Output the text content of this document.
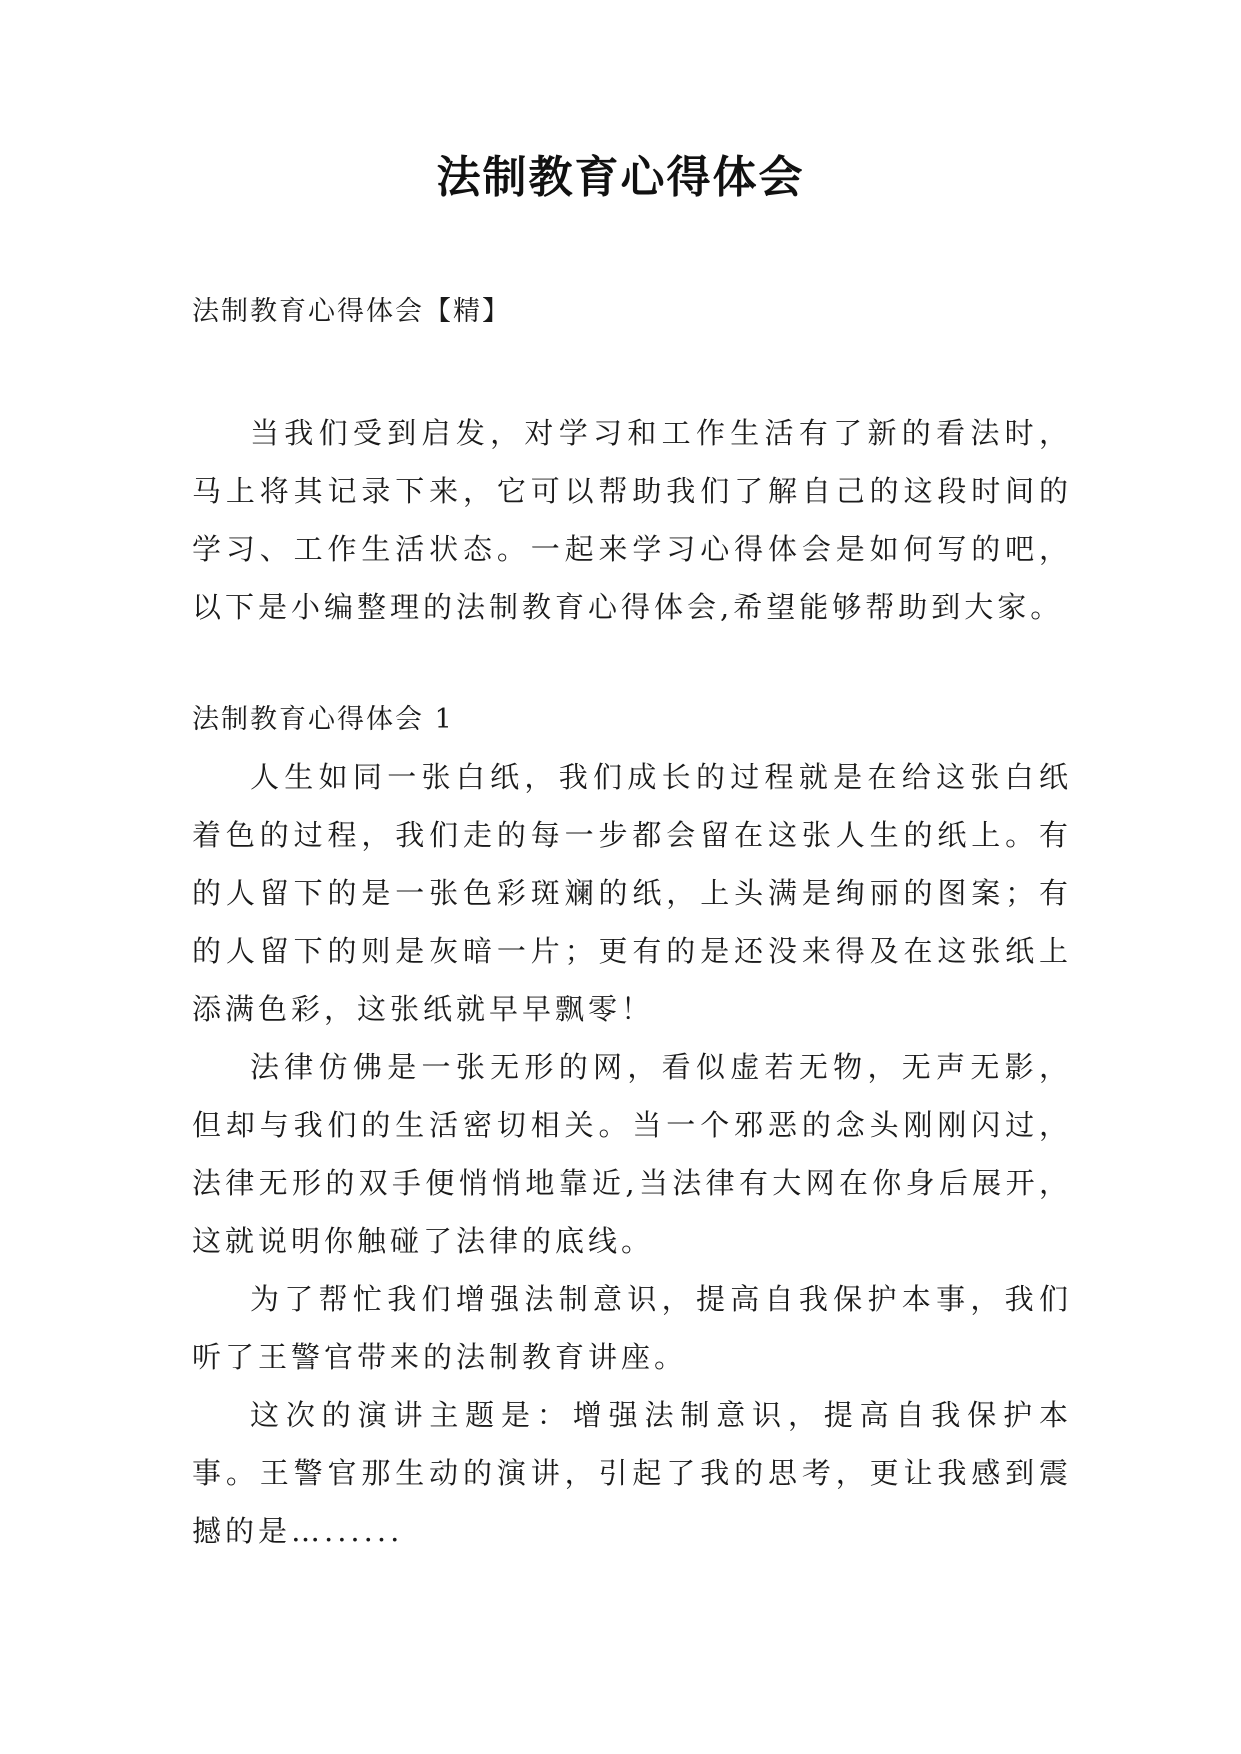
法制教育心得体会
法制教育心得体会【精】

当我们受到启发，对学习和工作生活有了新的看法时，马上将其记录下来，它可以帮助我们了解自己的这段时间的学习、工作生活状态。一起来学习心得体会是如何写的吧，以下是小编整理的法制教育心得体会,希望能够帮助到大家。

法制教育心得体会 1

人生如同一张白纸，我们成长的过程就是在给这张白纸着色的过程，我们走的每一步都会留在这张人生的纸上。有的人留下的是一张色彩斑斓的纸，上头满是绚丽的图案；有的人留下的则是灰暗一片；更有的是还没来得及在这张纸上添满色彩，这张纸就早早飘零！

法律仿佛是一张无形的网，看似虚若无物，无声无影，但却与我们的生活密切相关。当一个邪恶的念头刚刚闪过，法律无形的双手便悄悄地靠近,当法律有大网在你身后展开，这就说明你触碰了法律的底线。

为了帮忙我们增强法制意识，提高自我保护本事，我们听了王警官带来的法制教育讲座。

这次的演讲主题是：增强法制意识，提高自我保护本事。王警官那生动的演讲，引起了我的思考，更让我感到震撼的是…......
